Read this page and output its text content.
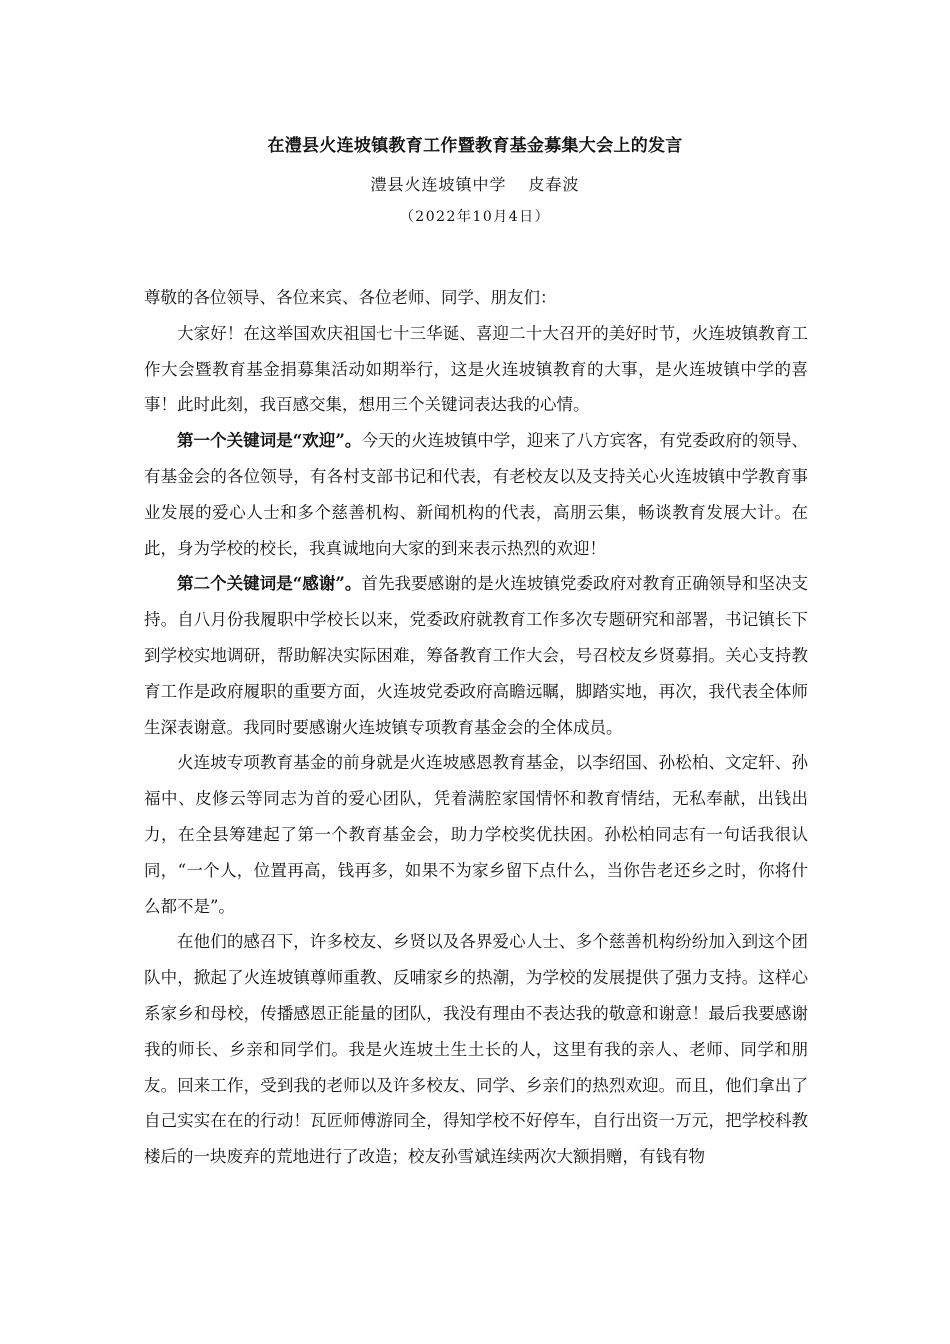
在澧县火连坡镇教育工作暨教育基金募集大会上的发言
澧县火连坡镇中学 皮春波
（2022年10月4日）

尊敬的各位领导、各位来宾、各位老师、同学、朋友们：

大家好！在这举国欢庆祖国七十三华诞、喜迎二十大召开的美好时节，火连坡镇教育工作大会暨教育基金捐募集活动如期举行，这是火连坡镇教育的大事，是火连坡镇中学的喜事！此时此刻，我百感交集，想用三个关键词表达我的心情。

第一个关键词是“欢迎”。今天的火连坡镇中学，迎来了八方宾客，有党委政府的领导、有基金会的各位领导，有各村支部书记和代表，有老校友以及支持关心火连坡镇中学教育事业发展的爱心人士和多个慈善机构、新闻机构的代表，高朋云集，畅谈教育发展大计。在此，身为学校的校长，我真诚地向大家的到来表示热烈的欢迎！

第二个关键词是“感谢”。首先我要感谢的是火连坡镇党委政府对教育正确领导和坚决支持。自八月份我履职中学校长以来，党委政府就教育工作多次专题研究和部署，书记镇长下到学校实地调研，帮助解决实际困难，筹备教育工作大会，号召校友乡贤募捐。关心支持教育工作是政府履职的重要方面，火连坡党委政府高瞻远瞩，脚踏实地，再次，我代表全体师生深表谢意。我同时要感谢火连坡镇专项教育基金会的全体成员。

火连坡专项教育基金的前身就是火连坡感恩教育基金，以李绍国、孙松柏、文定轩、孙福中、皮修云等同志为首的爱心团队，凭着满腔家国情怀和教育情结，无私奉献，出钱出力，在全县筹建起了第一个教育基金会，助力学校奖优扶困。孙松柏同志有一句话我很认同，“一个人，位置再高，钱再多，如果不为家乡留下点什么，当你告老还乡之时，你将什么都不是”。

在他们的感召下，许多校友、乡贤以及各界爱心人士、多个慈善机构纷纷加入到这个团队中，掀起了火连坡镇尊师重教、反哺家乡的热潮，为学校的发展提供了强力支持。这样心系家乡和母校，传播感恩正能量的团队，我没有理由不表达我的敬意和谢意！最后我要感谢我的师长、乡亲和同学们。我是火连坡土生土长的人，这里有我的亲人、老师、同学和朋友。回来工作，受到我的老师以及许多校友、同学、乡亲们的热烈欢迎。而且，他们拿出了自己实实在在的行动！瓦匠师傅游同全，得知学校不好停车，自行出资一万元，把学校科教楼后的一块废弃的荒地进行了改造；校友孙雪斌连续两次大额捐赠，有钱有物
